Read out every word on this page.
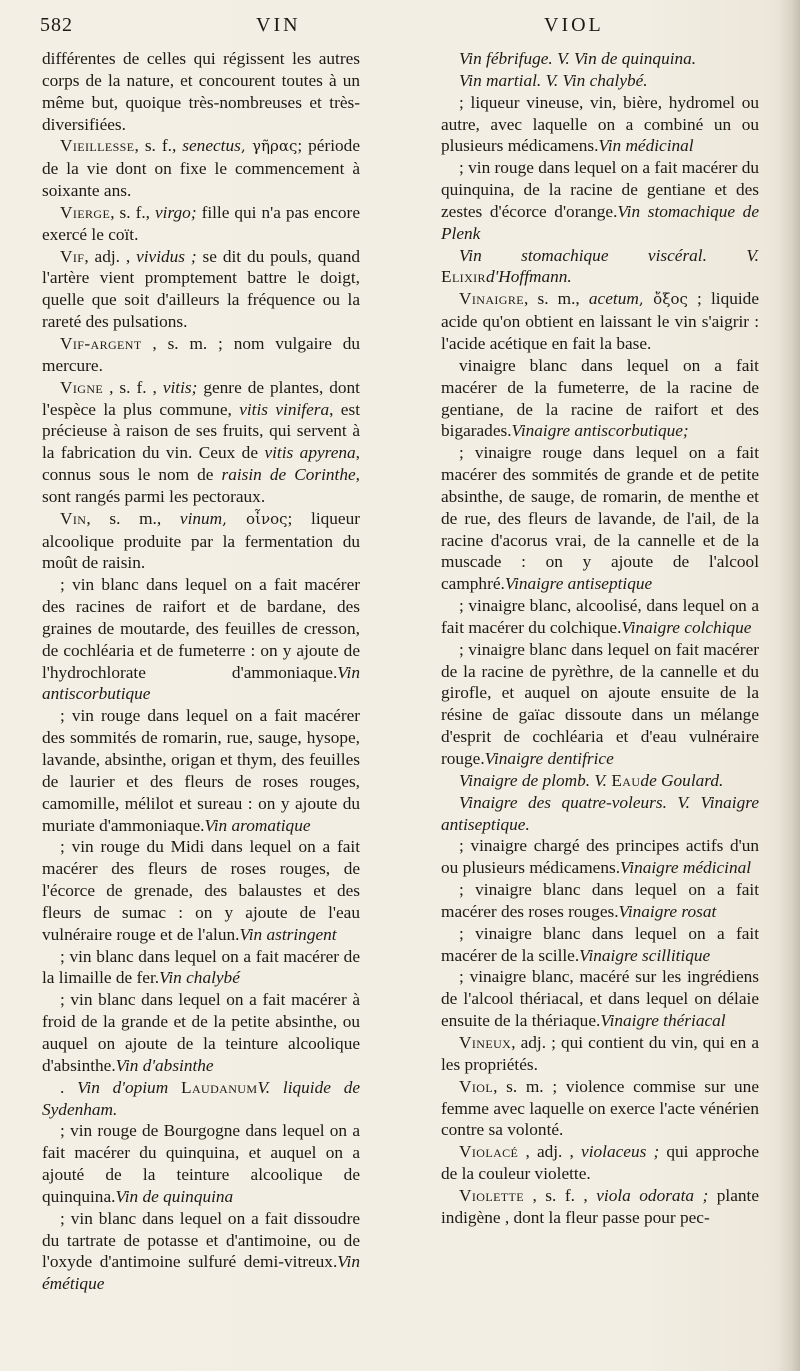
582	VIN	VIOL

différentes de celles qui régissent les autres corps de la nature, et concourent toutes à un même but, quoique très-nombreuses et très-diversifiées.

Vieillesse, s. f., senectus, γῆρας; période de la vie dont on fixe le commencement à soixante ans.

Vierge, s. f., virgo; fille qui n'a pas encore exercé le coït.

Vif, adj. , vividus ; se dit du pouls, quand l'artère vient promptement battre le doigt, quelle que soit d'ailleurs la fréquence ou la rareté des pulsations.

Vif-argent , s. m. ; nom vulgaire du mercure.

Vigne , s. f. , vitis; genre de plantes, dont l'espèce la plus commune, vitis vinifera, est précieuse à raison de ses fruits, qui servent à la fabrication du vin. Ceux de vitis apyrena, connus sous le nom de raisin de Corinthe, sont rangés parmi les pectoraux.

Vin, s. m., vinum, οἶνος; liqueur alcoolique produite par la fermentation du moût de raisin.

; vin blanc dans lequel on a fait macérer des racines de raifort et de bardane, des graines de moutarde, des feuilles de cresson, de cochléaria et de fumeterre : on y ajoute de l'hydrochlorate d'ammoniaque.Vin antiscorbutique

; vin rouge dans lequel on a fait macérer des sommités de romarin, rue, sauge, hysope, lavande, absinthe, origan et thym, des feuilles de laurier et des fleurs de roses rouges, camomille, mélilot et sureau : on y ajoute du muriate d'ammoniaque.Vin aromatique

; vin rouge du Midi dans lequel on a fait macérer des fleurs de roses rouges, de l'écorce de grenade, des balaustes et des fleurs de sumac : on y ajoute de l'eau vulnéraire rouge et de l'alun.Vin astringent

; vin blanc dans lequel on a fait macérer de la limaille de fer.Vin chalybé

; vin blanc dans lequel on a fait macérer à froid de la grande et de la petite absinthe, ou auquel on ajoute de la teinture alcoolique d'absinthe.Vin d'absinthe

. Vin d'opium LaudanumV. liquide de Sydenham.

; vin rouge de Bourgogne dans lequel on a fait macérer du quinquina, et auquel on a ajouté de la teinture alcoolique de quinquina.Vin de quinquina

; vin blanc dans lequel on a fait dissoudre du tartrate de potasse et d'antimoine, ou de l'oxyde d'antimoine sulfuré demi-vitreux.Vin émétique

Vin fébrifuge. V. Vin de quinquina.

Vin martial. V. Vin chalybé.

; liqueur vineuse, vin, bière, hydromel ou autre, avec laquelle on a combiné un ou plusieurs médicamens.Vin médicinal

; vin rouge dans lequel on a fait macérer du quinquina, de la racine de gentiane et des zestes d'écorce d'orange.Vin stomachique de Plenk

Vin stomachique viscéral. V. Elixird'Hoffmann.

Vinaigre, s. m., acetum, ὄξος ; liquide acide qu'on obtient en laissant le vin s'aigrir : l'acide acétique en fait la base.

vinaigre blanc dans lequel on a fait macérer de la fumeterre, de la racine de gentiane, de la racine de raifort et des bigarades.Vinaigre antiscorbutique;

; vinaigre rouge dans lequel on a fait macérer des sommités de grande et de petite absinthe, de sauge, de romarin, de menthe et de rue, des fleurs de lavande, de l'ail, de la racine d'acorus vrai, de la cannelle et de la muscade : on y ajoute de l'alcool camphré.Vinaigre antiseptique

; vinaigre blanc, alcoolisé, dans lequel on a fait macérer du colchique.Vinaigre colchique

; vinaigre blanc dans lequel on fait macérer de la racine de pyrèthre, de la cannelle et du girofle, et auquel on ajoute ensuite de la résine de gaïac dissoute dans un mélange d'esprit de cochléaria et d'eau vulnéraire rouge.Vinaigre dentifrice

Vinaigre de plomb. V. Eaude Goulard.

Vinaigre des quatre-voleurs. V. Vinaigre antiseptique.

; vinaigre chargé des principes actifs d'un ou plusieurs médicamens.Vinaigre médicinal

; vinaigre blanc dans lequel on a fait macérer des roses rouges.Vinaigre rosat

; vinaigre blanc dans lequel on a fait macérer de la scille.Vinaigre scillitique

; vinaigre blanc, macéré sur les ingrédiens de l'alcool thériacal, et dans lequel on délaie ensuite de la thériaque.Vinaigre thériacal

Vineux, adj. ; qui contient du vin, qui en a les propriétés.

Viol, s. m. ; violence commise sur une femme avec laquelle on exerce l'acte vénérien contre sa volonté.

Violacé , adj. , violaceus ; qui approche de la couleur violette.

Violette , s. f. , viola odorata ; plante indigène , dont la fleur passe pour pec-
